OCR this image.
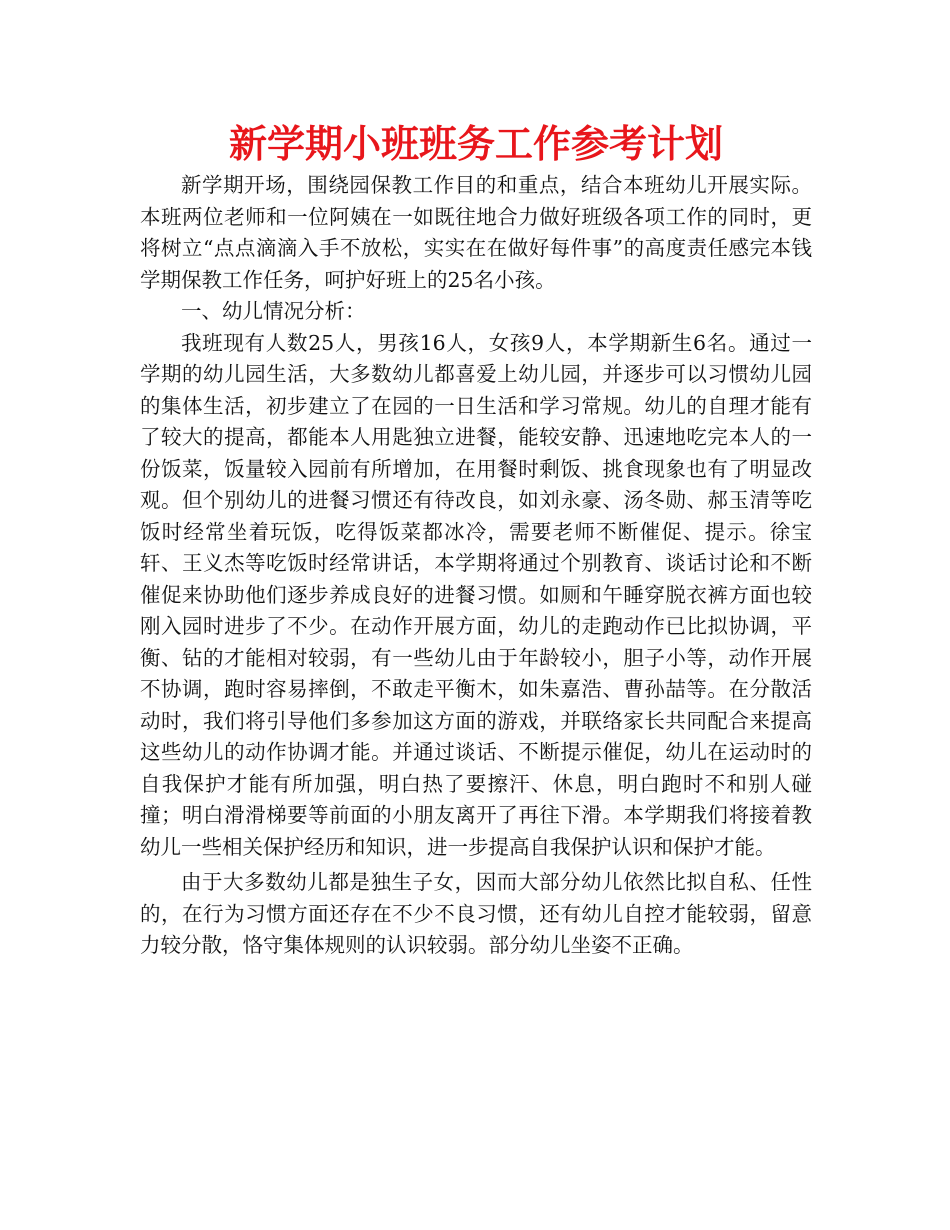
新学期小班班务工作参考计划

新学期开场，围绕园保教工作目的和重点，结合本班幼儿开展实际。本班两位老师和一位阿姨在一如既往地合力做好班级各项工作的同时，更将树立“点点滴滴入手不放松，实实在在做好每件事”的高度责任感完本钱学期保教工作任务，呵护好班上的25名小孩。

一、幼儿情况分析：

我班现有人数25人，男孩16人，女孩9人，本学期新生6名。通过一学期的幼儿园生活，大多数幼儿都喜爱上幼儿园，并逐步可以习惯幼儿园的集体生活，初步建立了在园的一日生活和学习常规。幼儿的自理才能有了较大的提高，都能本人用匙独立进餐，能较安静、迅速地吃完本人的一份饭菜，饭量较入园前有所增加，在用餐时剩饭、挑食现象也有了明显改观。但个别幼儿的进餐习惯还有待改良，如刘永豪、汤冬勋、郝玉清等吃饭时经常坐着玩饭，吃得饭菜都冰冷，需要老师不断催促、提示。徐宝轩、王义杰等吃饭时经常讲话，本学期将通过个别教育、谈话讨论和不断催促来协助他们逐步养成良好的进餐习惯。如厕和午睡穿脱衣裤方面也较刚入园时进步了不少。在动作开展方面，幼儿的走跑动作已比拟协调，平衡、钻的才能相对较弱，有一些幼儿由于年龄较小，胆子小等，动作开展不协调，跑时容易摔倒，不敢走平衡木，如朱嘉浩、曹孙喆等。在分散活动时，我们将引导他们多参加这方面的游戏，并联络家长共同配合来提高这些幼儿的动作协调才能。并通过谈话、不断提示催促，幼儿在运动时的自我保护才能有所加强，明白热了要擦汗、休息，明白跑时不和别人碰撞；明白滑滑梯要等前面的小朋友离开了再往下滑。本学期我们将接着教幼儿一些相关保护经历和知识，进一步提高自我保护认识和保护才能。

由于大多数幼儿都是独生子女，因而大部分幼儿依然比拟自私、任性的，在行为习惯方面还存在不少不良习惯，还有幼儿自控才能较弱，留意力较分散，恪守集体规则的认识较弱。部分幼儿坐姿不正确。
